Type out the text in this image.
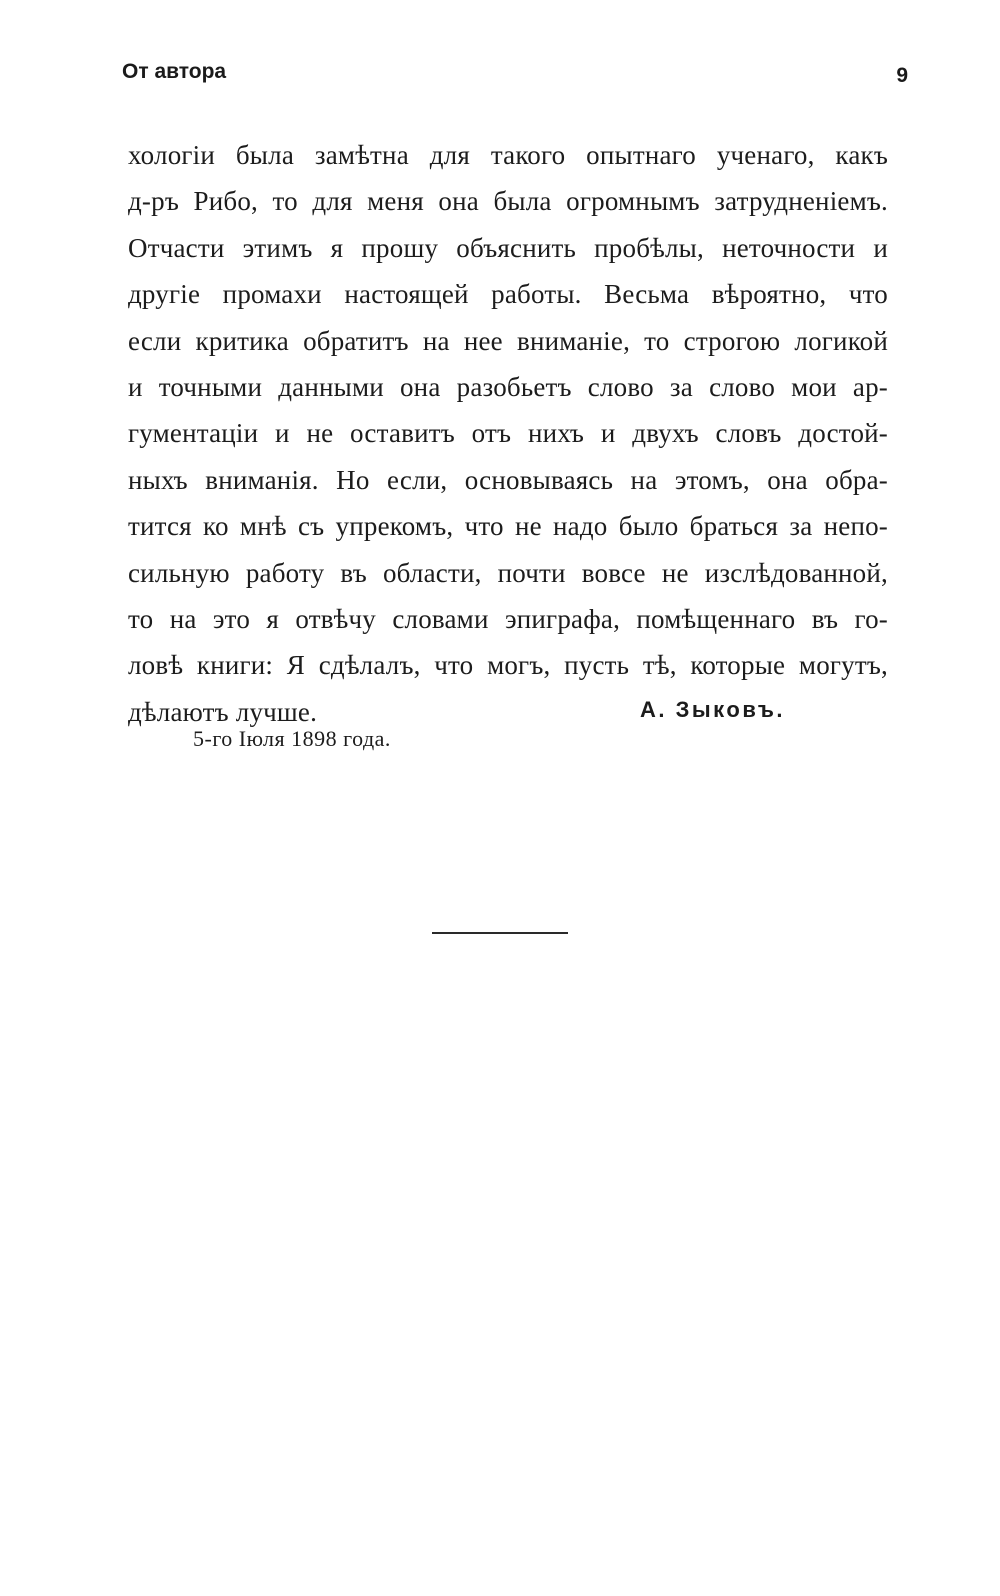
От автора	9
хологіи была замѣтна для такого опытнаго ученаго, какъ
д-ръ Рибо, то для меня она была огромнымъ затрудненіемъ.
Отчасти этимъ я прошу объяснить пробѣлы, неточности и
другіе промахи настоящей работы. Весьма вѣроятно, что
если критика обратитъ на нее вниманіе, то строгою логикой
и точными данными она разобьетъ слово за слово мои ар-
гументаціи и не оставитъ отъ нихъ и двухъ словъ достой-
ныхъ вниманія. Но если, основываясь на этомъ, она обра-
тится ко мнѣ съ упрекомъ, что не надо было браться за непо-
сильную работу въ области, почти вовсе не изслѣдованной,
то на это я отвѣчу словами эпиграфа, помѣщеннаго въ го-
ловѣ книги: Я сдѣлалъ, что могъ, пусть тѣ, которые могутъ,
дѣлаютъ лучше.	А. Зыковъ.
5-го Іюля 1898 года.
